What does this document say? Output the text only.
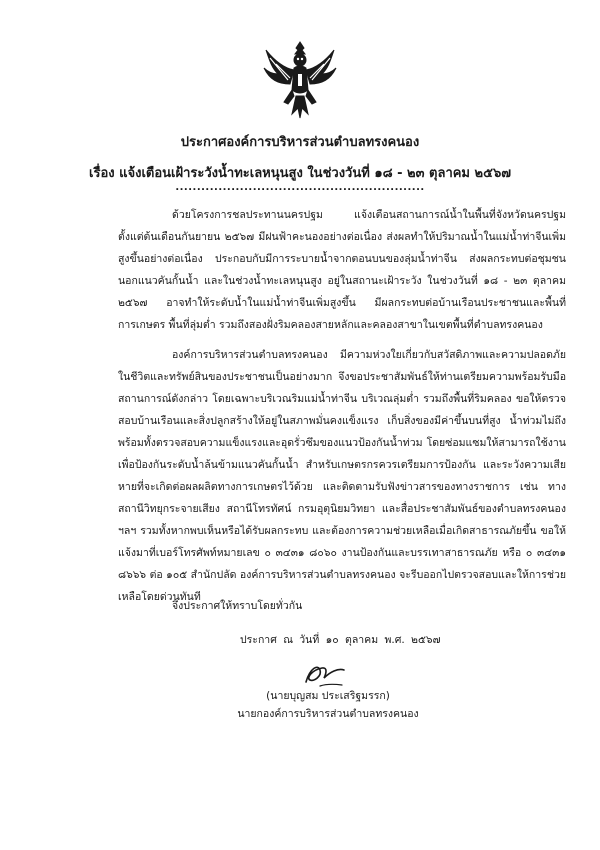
ประกาศองค์การบริหารส่วนตำบลทรงคนอง
เรื่อง แจ้งเตือนเฝ้าระวังน้ำทะเลหนุนสูง ในช่วงวันที่ ๑๘ - ๒๓ ตุลาคม ๒๕๖๗
..........................................................

ด้วยโครงการชลประทานนครปฐม แจ้งเตือนสถานการณ์น้ำในพื้นที่จังหวัดนครปฐม ตั้งแต่ต้นเดือนกันยายน ๒๕๖๗ มีฝนฟ้าคะนองอย่างต่อเนื่อง ส่งผลทำให้ปริมาณน้ำในแม่น้ำท่าจีนเพิ่มสูงขึ้นอย่างต่อเนื่อง ประกอบกับมีการระบายน้ำจากตอนบนของลุ่มน้ำท่าจีน ส่งผลกระทบต่อชุมชนนอกแนวคันกั้นน้ำ และในช่วงน้ำทะเลหนุนสูง อยู่ในสถานะเฝ้าระวัง ในช่วงวันที่ ๑๘ - ๒๓ ตุลาคม ๒๕๖๗ อาจทำให้ระดับน้ำในแม่น้ำท่าจีนเพิ่มสูงขึ้น มีผลกระทบต่อบ้านเรือนประชาชนและพื้นที่การเกษตร พื้นที่ลุ่มต่ำ รวมถึงสองฝั่งริมคลองสายหลักและคลองสาขาในเขตพื้นที่ตำบลทรงคนอง

องค์การบริหารส่วนตำบลทรงคนอง มีความห่วงใยเกี่ยวกับสวัสดิภาพและความปลอดภัยในชีวิตและทรัพย์สินของประชาชนเป็นอย่างมาก จึงขอประชาสัมพันธ์ให้ท่านเตรียมความพร้อมรับมือสถานการณ์ดังกล่าว โดยเฉพาะบริเวณริมแม่น้ำท่าจีน บริเวณลุ่มต่ำ รวมถึงพื้นที่ริมคลอง ขอให้ตรวจสอบบ้านเรือนและสิ่งปลูกสร้างให้อยู่ในสภาพมั่นคงแข็งแรง เก็บสิ่งของมีค่าขึ้นบนที่สูง น้ำท่วมไม่ถึง พร้อมทั้งตรวจสอบความแข็งแรงและอุดรั่วซึมของแนวป้องกันน้ำท่วม โดยซ่อมแซมให้สามารถใช้งานเพื่อป้องกันระดับน้ำล้นข้ามแนวคันกั้นน้ำ สำหรับเกษตรกรควรเตรียมการป้องกัน และระวังความเสียหายที่จะเกิดต่อผลผลิตทางการเกษตรไว้ด้วย และติดตามรับฟังข่าวสารของทางราชการ เช่น ทางสถานีวิทยุกระจายเสียง สถานีโทรทัศน์ กรมอุตุนิยมวิทยา และสื่อประชาสัมพันธ์ของตำบลทรงคนอง ฯลฯ รวมทั้งหากพบเห็นหรือได้รับผลกระทบ และต้องการความช่วยเหลือเมื่อเกิดสาธารณภัยขึ้น ขอให้แจ้งมาที่เบอร์โทรศัพท์หมายเลข ๐ ๓๔๓๑ ๘๐๖๐ งานป้องกันและบรรเทาสาธารณภัย หรือ ๐ ๓๔๓๑ ๘๖๖๖ ต่อ ๑๐๕ สำนักปลัด องค์การบริหารส่วนตำบลทรงคนอง จะรีบออกไปตรวจสอบและให้การช่วยเหลือโดยด่วนทันที

จึงประกาศให้ทราบโดยทั่วกัน
ประกาศ ณ วันที่ ๑๐ ตุลาคม พ.ศ. ๒๕๖๗
(นายบุญสม ประเสริฐมรรก)
นายกองค์การบริหารส่วนตำบลทรงคนอง
